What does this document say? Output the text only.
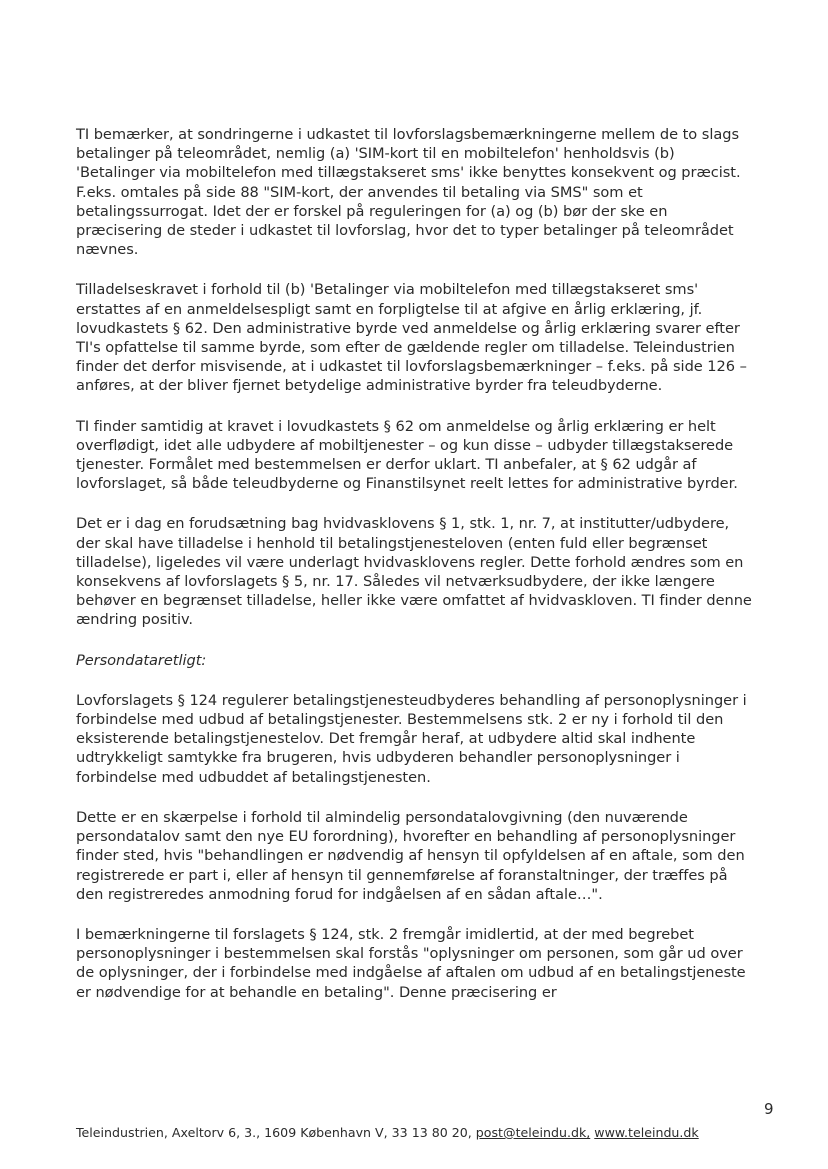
TI bemærker, at sondringerne i udkastet til lovforslagsbemærkningerne mellem de to slags betalinger på teleområdet, nemlig (a) 'SIM-kort til en mobiltelefon' henholdsvis (b) 'Betalinger via mobiltelefon med tillægstakseret sms' ikke benyttes konsekvent og præcist. F.eks. omtales på side 88 "SIM-kort, der anvendes til betaling via SMS" som et betalingssurrogat. Idet der er forskel på reguleringen for (a) og (b) bør der ske en præcisering de steder i udkastet til lovforslag, hvor det to typer betalinger på teleområdet nævnes.

Tilladelseskravet i forhold til (b) 'Betalinger via mobiltelefon med tillægstakseret sms' erstattes af en anmeldelsespligt samt en forpligtelse til at afgive en årlig erklæring, jf. lovudkastets § 62. Den administrative byrde ved anmeldelse og årlig erklæring svarer efter TI's opfattelse til samme byrde, som efter de gældende regler om tilladelse. Teleindustrien finder det derfor misvisende, at i udkastet til lovforslagsbemærkninger – f.eks. på side 126 – anføres, at der bliver fjernet betydelige administrative byrder fra teleudbyderne.

TI finder samtidig at kravet i lovudkastets § 62 om anmeldelse og årlig erklæring er helt overflødigt, idet alle udbydere af mobiltjenester – og kun disse – udbyder tillægstakserede tjenester. Formålet med bestemmelsen er derfor uklart. TI anbefaler, at § 62 udgår af lovforslaget, så både teleudbyderne og Finanstilsynet reelt lettes for administrative byrder.

Det er i dag en forudsætning bag hvidvasklovens § 1, stk. 1, nr. 7, at institutter/udbydere, der skal have tilladelse i henhold til betalingstjenesteloven (enten fuld eller begrænset tilladelse), ligeledes vil være underlagt hvidvasklovens regler. Dette forhold ændres som en konsekvens af lovforslagets § 5, nr. 17. Således vil netværksudbydere, der ikke længere behøver en begrænset tilladelse, heller ikke være omfattet af hvidvaskloven. TI finder denne ændring positiv.

Persondataretligt:

Lovforslagets § 124 regulerer betalingstjenesteudbyderes behandling af personoplysninger i forbindelse med udbud af betalingstjenester. Bestemmelsens stk. 2 er ny i forhold til den eksisterende betalingstjenestelov. Det fremgår heraf, at udbydere altid skal indhente udtrykkeligt samtykke fra brugeren, hvis udbyderen behandler personoplysninger i forbindelse med udbuddet af betalingstjenesten.

Dette er en skærpelse i forhold til almindelig persondatalovgivning (den nuværende persondatalov samt den nye EU forordning), hvorefter en behandling af personoplysninger finder sted, hvis "behandlingen er nødvendig af hensyn til opfyldelsen af en aftale, som den registrerede er part i, eller af hensyn til gennemførelse af foranstaltninger, der træffes på den registreredes anmodning forud for indgåelsen af en sådan aftale…".

I bemærkningerne til forslagets § 124, stk. 2 fremgår imidlertid, at der med begrebet personoplysninger i bestemmelsen skal forstås "oplysninger om personen, som går ud over de oplysninger, der i forbindelse med indgåelse af aftalen om udbud af en betalingstjeneste er nødvendige for at behandle en betaling". Denne præcisering er

9
Teleindustrien, Axeltorv 6, 3., 1609 København V, 33 13 80 20, post@teleindu.dk, www.teleindu.dk
